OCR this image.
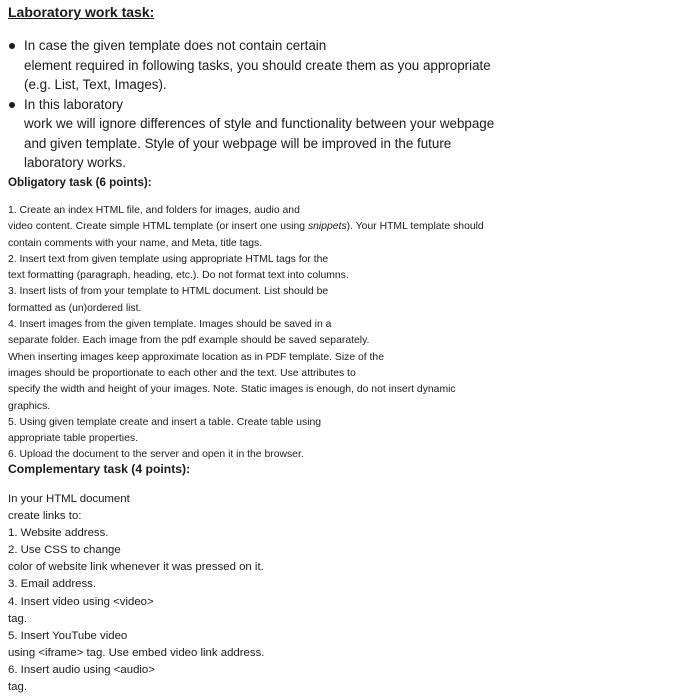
Laboratory work task:
In case the given template does not contain certain
element required in following tasks, you should create them as you appropriate
(e.g. List, Text, Images).
In this laboratory
work we will ignore differences of style and functionality between your webpage
and given template. Style of your webpage will be improved in the future
laboratory works.
Obligatory task (6 points):
1. Create an index HTML file, and folders for images, audio and
video content. Create simple HTML template (or insert one using snippets). Your HTML template should
contain comments with your name, and Meta, title tags.
2. Insert text from given template using appropriate HTML tags for the
text formatting (paragraph, heading, etc.). Do not format text into columns.
3. Insert lists of from your template to HTML document. List should be
formatted as (un)ordered list.
4. Insert images from the given template. Images should be saved in a
separate folder. Each image from the pdf example should be saved separately.
When inserting images keep approximate location as in PDF template. Size of the
images should be proportionate to each other and the text. Use attributes to
specify the width and height of your images. Note. Static images is enough, do not insert dynamic
graphics.
5. Using given template create and insert a table. Create table using
appropriate table properties.
6. Upload the document to the server and open it in the browser.
Complementary task (4 points):
In your HTML document
create links to:
1. Website address.
2. Use CSS to change
color of website link whenever it was pressed on it.
3. Email address.
4. Insert video using <video>
tag.
5. Insert YouTube video
using <iframe> tag. Use embed video link address.
6. Insert audio using <audio>
tag.
